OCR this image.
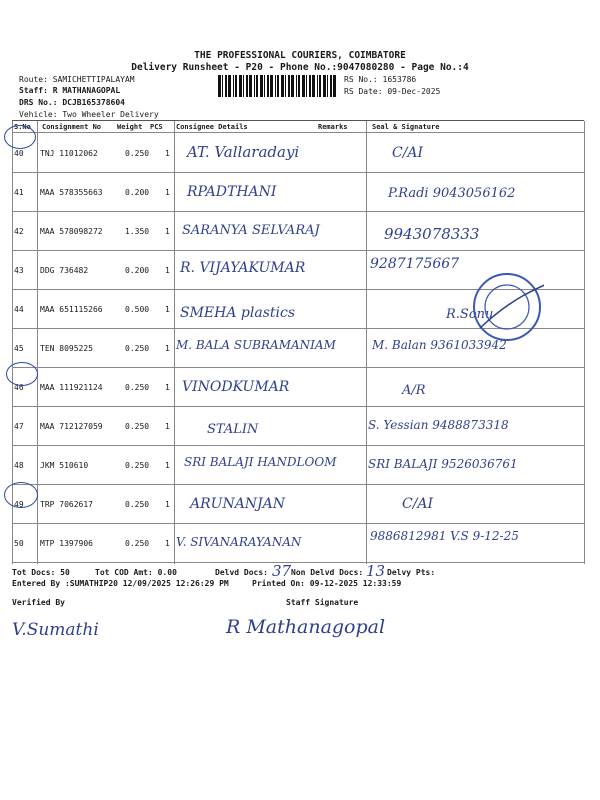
THE PROFESSIONAL COURIERS, COIMBATORE
Delivery Runsheet - P20 - Phone No.:9047080280 - Page No.:4
Route: SAMICHETTIPALAYAM
Staff: R MATHANAGOPAL
DRS No.: DCJB165378604
Vehicle: Two Wheeler Delivery
RS No.: 1653786
RS Date: 09-Dec-2025
S.No Consignment No Weight PCS Consignee Details	Remarks	Seal & Signature
40 TNJ 11012062	0.250 1 AT. Vallaradayi	C/AI
41 MAA 578355663	0.200 1 RPADTHANI	P.Radi 9043056162
42 MAA 578098272	1.350 1 SARANYA SELVARAJ	9943078333
43 DDG 736482	0.200 1 R. VIJAYAKUMAR	9287175667
44 MAA 651115266	0.500 1 SMEHA plastics	R.Sonu
45 TEN 8095225	0.250 1 M. BALA SUBRAMANIAM	M. Balan 9361033942
46 MAA 111921124	0.250 1 VINODKUMAR	A/R
47 MAA 712127059	0.250 1	STALIN	S. Yessian 9488873318
48 JKM 510610	0.250 1 SRI BALAJI HANDLOOM	SRI BALAJI 9526036761
49 TRP 7062617	0.250 1 ARUNANJAN	C/AI
50 MTP 1397906	0.250 1 V. SIVANARAYANAN	9886812981 V.S 9-12-25
Tot Docs: 50	Tot COD Amt: 0.00	Delvd Docs: 37 Non Delvd Docs: 13 Delvy Pts:
Entered By :SUMATHIP20 12/09/2025 12:26:29 PM	Printed On: 09-12-2025 12:33:59
Verified By	Staff Signature
V.Sumathi	R Mathanagopal
